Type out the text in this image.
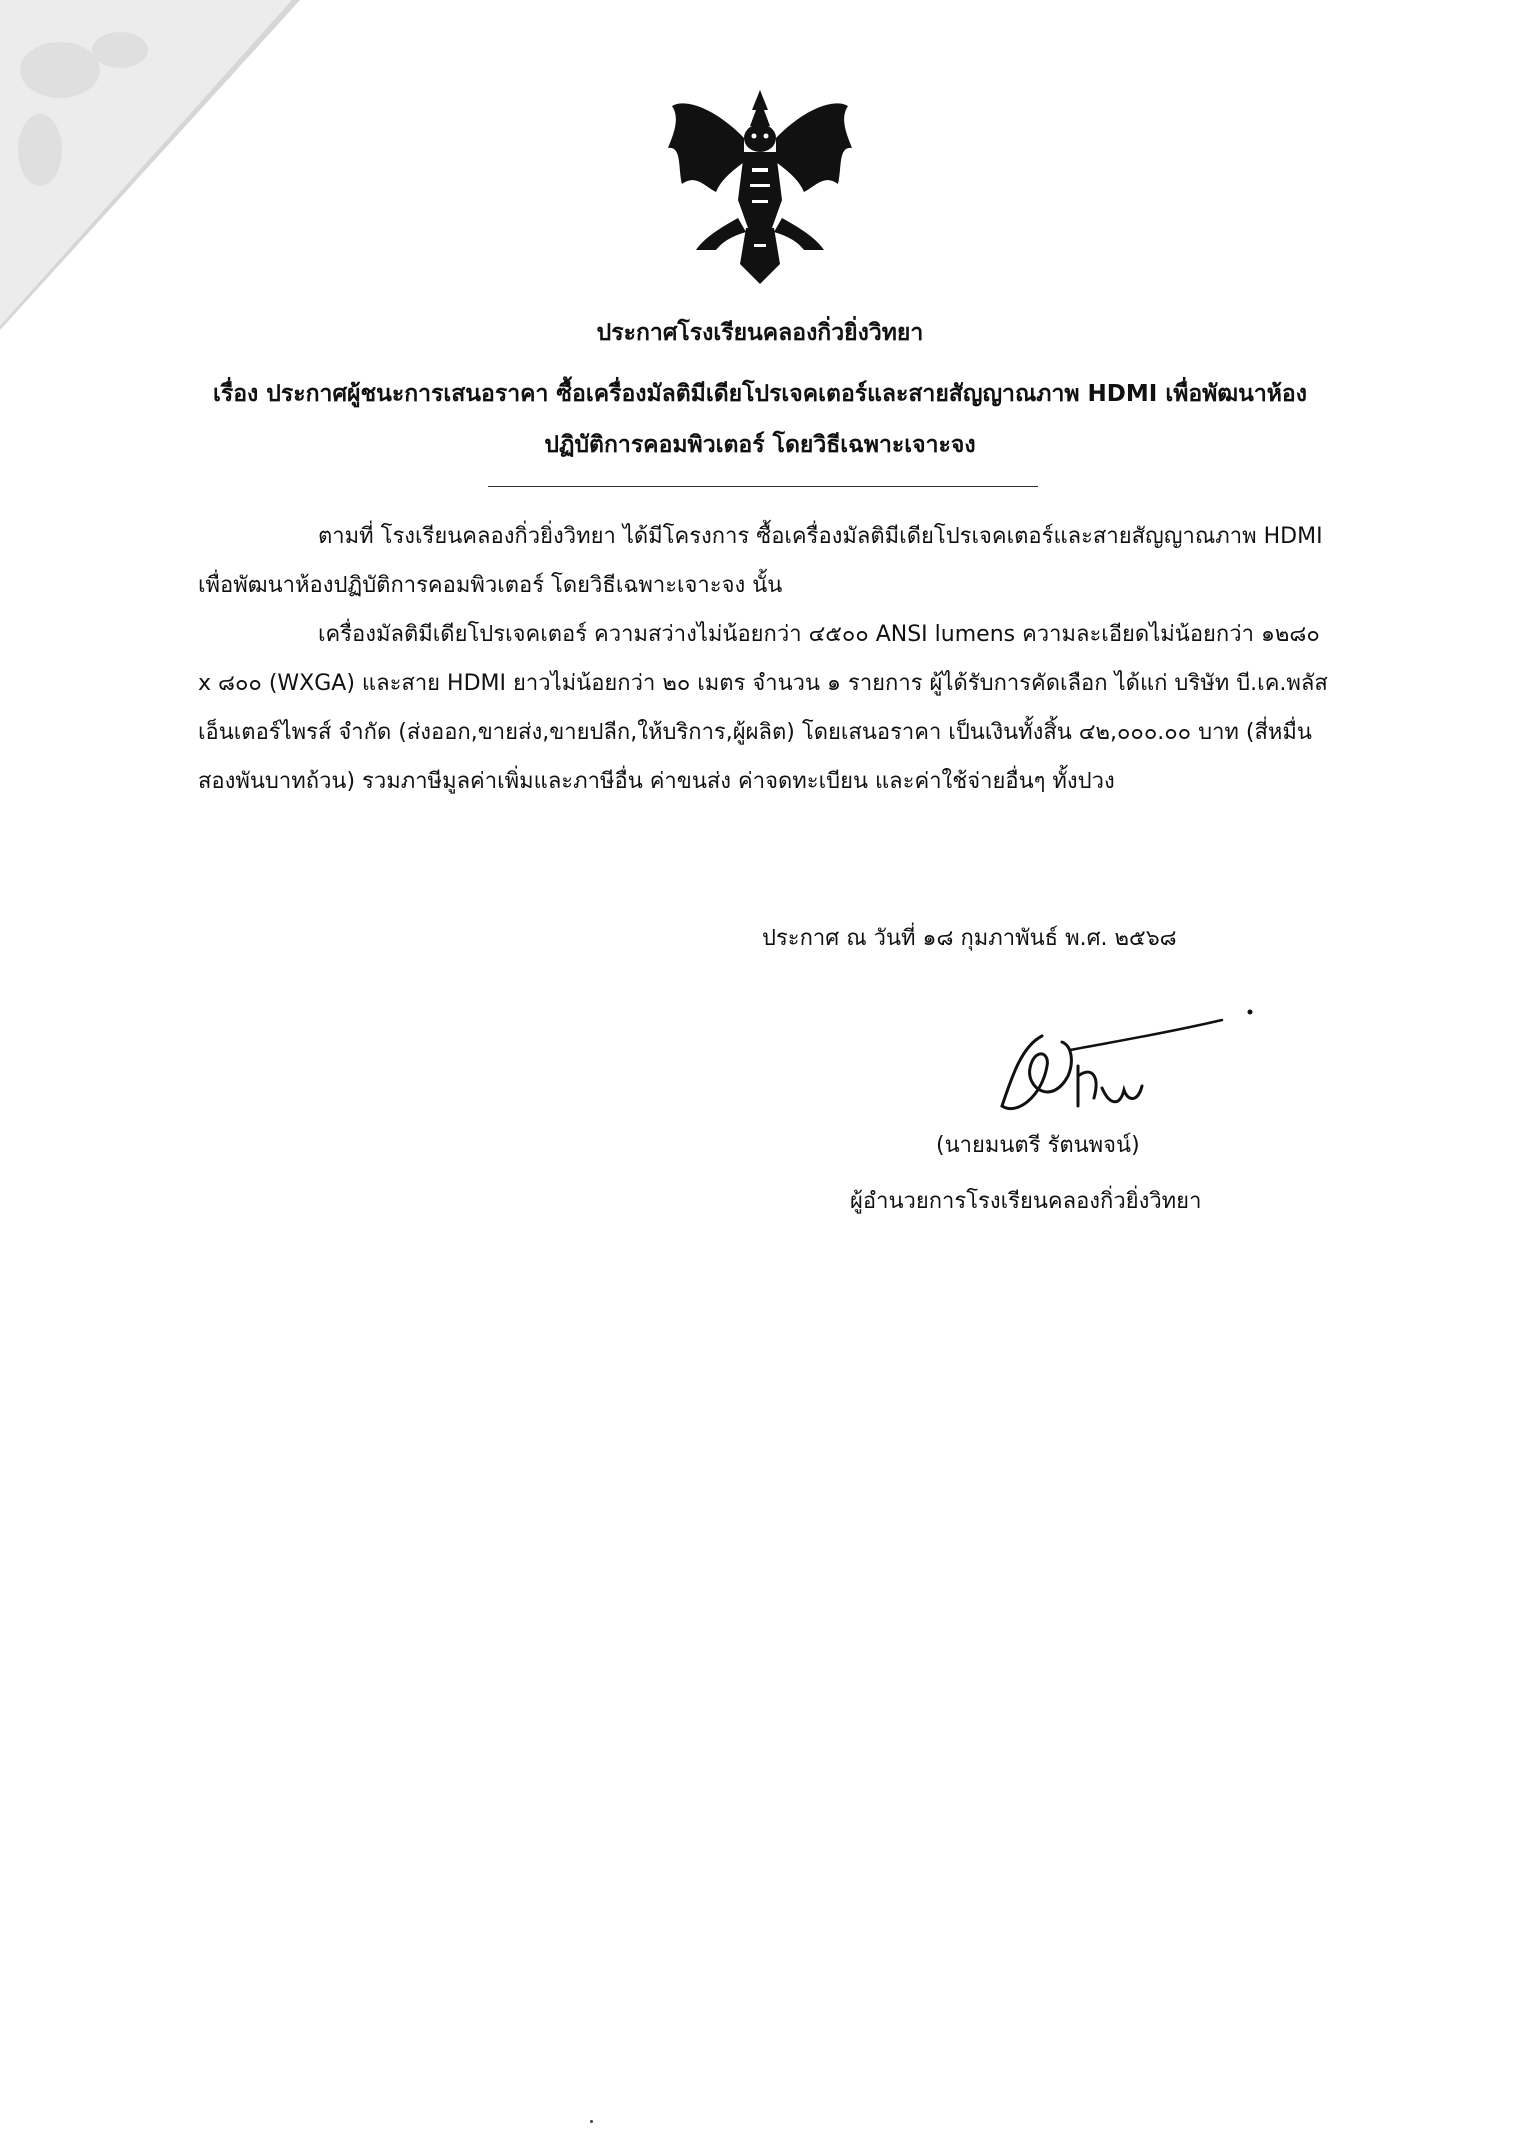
ประกาศโรงเรียนคลองกิ่วยิ่งวิทยา
เรื่อง ประกาศผู้ชนะการเสนอราคา ซื้อเครื่องมัลติมีเดียโปรเจคเตอร์และสายสัญญาณภาพ HDMI เพื่อพัฒนาห้องปฏิบัติการคอมพิวเตอร์ โดยวิธีเฉพาะเจาะจง
ตามที่ โรงเรียนคลองกิ่วยิ่งวิทยา ได้มีโครงการ ซื้อเครื่องมัลติมีเดียโปรเจคเตอร์และสายสัญญาณภาพ HDMI เพื่อพัฒนาห้องปฏิบัติการคอมพิวเตอร์ โดยวิธีเฉพาะเจาะจง นั้น
เครื่องมัลติมีเดียโปรเจคเตอร์ ความสว่างไม่น้อยกว่า ๔๕๐๐ ANSI lumens ความละเอียดไม่น้อยกว่า ๑๒๘๐ x ๘๐๐ (WXGA) และสาย HDMI ยาวไม่น้อยกว่า ๒๐ เมตร จำนวน ๑ รายการ ผู้ได้รับการคัดเลือก ได้แก่ บริษัท บี.เค.พลัส เอ็นเตอร์ไพรส์ จำกัด (ส่งออก,ขายส่ง,ขายปลีก,ให้บริการ,ผู้ผลิต) โดยเสนอราคา เป็นเงินทั้งสิ้น ๔๒,๐๐๐.๐๐ บาท (สี่หมื่นสองพันบาทถ้วน) รวมภาษีมูลค่าเพิ่มและภาษีอื่น ค่าขนส่ง ค่าจดทะเบียน และค่าใช้จ่ายอื่นๆ ทั้งปวง
ประกาศ ณ วันที่ ๑๘ กุมภาพันธ์ พ.ศ. ๒๕๖๘
(นายมนตรี รัตนพจน์)
ผู้อำนวยการโรงเรียนคลองกิ่วยิ่งวิทยา
